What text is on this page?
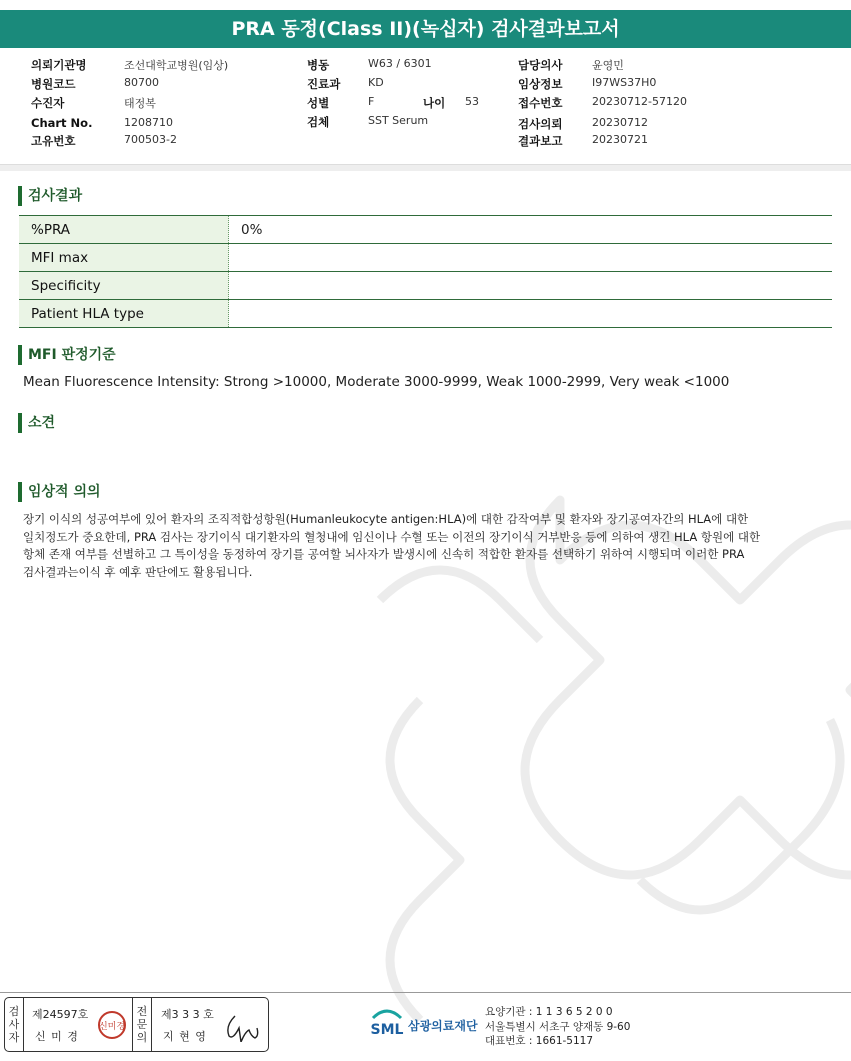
PRA 동정(Class II)(녹십자) 검사결과보고서
의뢰기관명	조선대학교병원(임상)
병원코드	80700
수진자	태정복
Chart No.	1208710
고유번호	700503-2
병동	W63 / 6301
진료과	KD
성별	F	나이 53
검체	SST Serum
담당의사	윤영민
임상정보	I97WS37H0
접수번호	20230712-57120
검사의뢰	20230712
결과보고	20230721
검사결과
%PRA	0%
MFI max	
Specificity	
Patient HLA type	
MFI 판정기준
Mean Fluorescence Intensity: Strong >10000, Moderate 3000-9999, Weak 1000-2999, Very weak <1000
소견
임상적 의의
장기 이식의 성공여부에 있어 환자의 조직적합성항원(Humanleukocyte antigen:HLA)에 대한 감작여부 및 환자와 장기공여자간의 HLA에 대한
일치정도가 중요한데, PRA 검사는 장기이식 대기환자의 혈청내에 임신이나 수혈 또는 이전의 장기이식 거부반응 등에 의하여 생긴 HLA 항원에 대한
항체 존재 여부를 선별하고 그 특이성을 동정하여 장기를 공여할 뇌사자가 발생시에 신속히 적합한 환자를 선택하기 위하여 시행되며 이러한 PRA
검사결과는이식 후 예후 판단에도 활용됩니다.
검
사
자
제24597호
신 미 경
신미경
전
문
의
제3 3 3 호
지 현 영	SML 삼광의료재단
요양기관 : 1 1 3 6 5 2 0 0
서울특별시 서초구 양재동 9-60
대표번호 : 1661-5117
